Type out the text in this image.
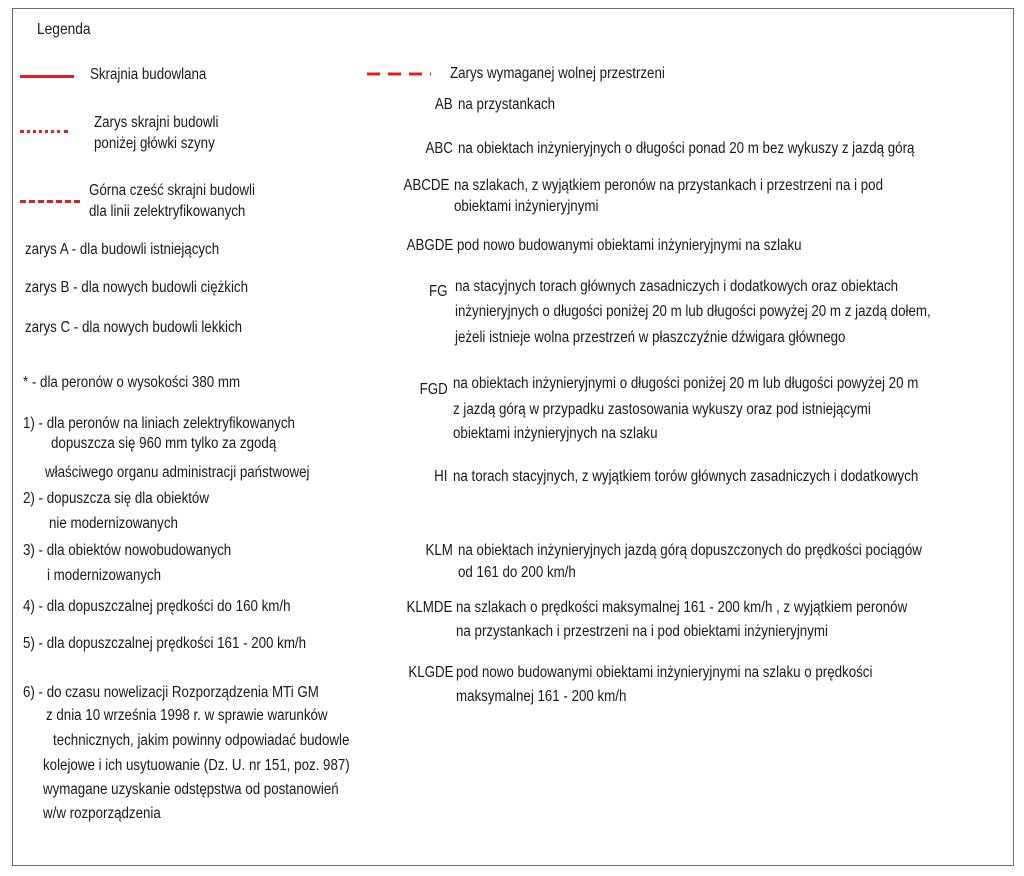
Legenda
Skrajnia budowlana
Zarys skrajni budowli
poniżej główki szyny
Górna cześć skrajni budowli
dla linii zelektryfikowanych
zarys A - dla budowli istniejących
zarys B - dla nowych budowli ciężkich
zarys C - dla nowych budowli lekkich
* - dla peronów o wysokości 380 mm
1) - dla peronów na liniach zelektryfikowanych
dopuszcza się 960 mm tylko za zgodą
właściwego organu administracji państwowej
2) - dopuszcza się dla obiektów
nie modernizowanych
3) - dla obiektów nowobudowanych
i modernizowanych
4) - dla dopuszczalnej prędkości do 160 km/h
5) - dla dopuszczalnej prędkości 161 - 200 km/h
6) - do czasu nowelizacji Rozporządzenia MTi GM
z dnia 10 września 1998 r. w sprawie warunków
technicznych, jakim powinny odpowiadać budowle
kolejowe i ich usytuowanie (Dz. U. nr 151, poz. 987)
wymagane uzyskanie odstępstwa od postanowień
w/w rozporządzenia
Zarys wymaganej wolnej przestrzeni
AB na przystankach
ABC na obiektach inżynieryjnych o długości ponad 20 m bez wykuszy z jazdą górą
ABCDE na szlakach, z wyjątkiem peronów na przystankach i przestrzeni na i pod
obiektami inżynieryjnymi
ABGDE pod nowo budowanymi obiektami inżynieryjnymi na szlaku
FG na stacyjnych torach głównych zasadniczych i dodatkowych oraz obiektach
inżynieryjnych o długości poniżej 20 m lub długości powyżej 20 m z jazdą dołem,
jeżeli istnieje wolna przestrzeń w płaszczyźnie dźwigara głównego
FGD na obiektach inżynieryjnymi o długości poniżej 20 m lub długości powyżej 20 m
z jazdą górą w przypadku zastosowania wykuszy oraz pod istniejącymi
obiektami inżynieryjnych na szlaku
HI na torach stacyjnych, z wyjątkiem torów głównych zasadniczych i dodatkowych
KLM na obiektach inżynieryjnych jazdą górą dopuszczonych do prędkości pociągów
od 161 do 200 km/h
KLMDE na szlakach o prędkości maksymalnej 161 - 200 km/h , z wyjątkiem peronów
na przystankach i przestrzeni na i pod obiektami inżynieryjnymi
KLGDE pod nowo budowanymi obiektami inżynieryjnymi na szlaku o prędkości
maksymalnej 161 - 200 km/h
